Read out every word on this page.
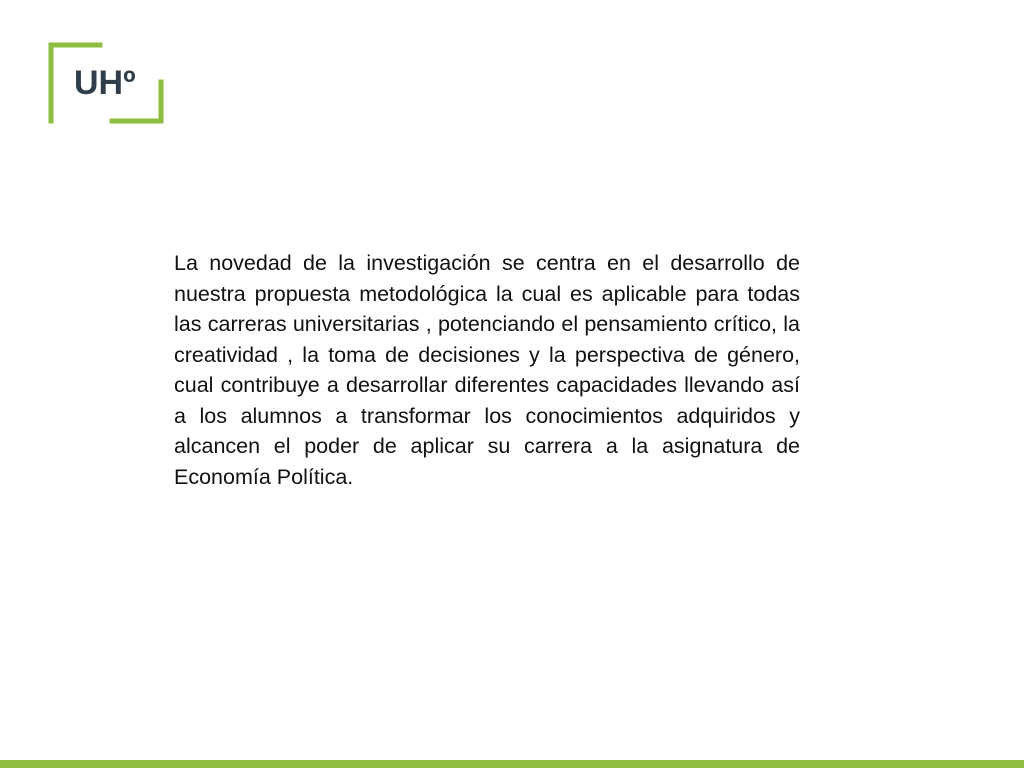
UHº

La novedad de la investigación se centra en el desarrollo de nuestra propuesta metodológica la cual es aplicable para todas las carreras universitarias , potenciando el pensamiento crítico, la creatividad , la toma de decisiones y la perspectiva de género, cual contribuye a desarrollar diferentes capacidades llevando así a los alumnos a transformar los conocimientos adquiridos y alcancen el poder de aplicar su carrera a la asignatura de Economía Política.
